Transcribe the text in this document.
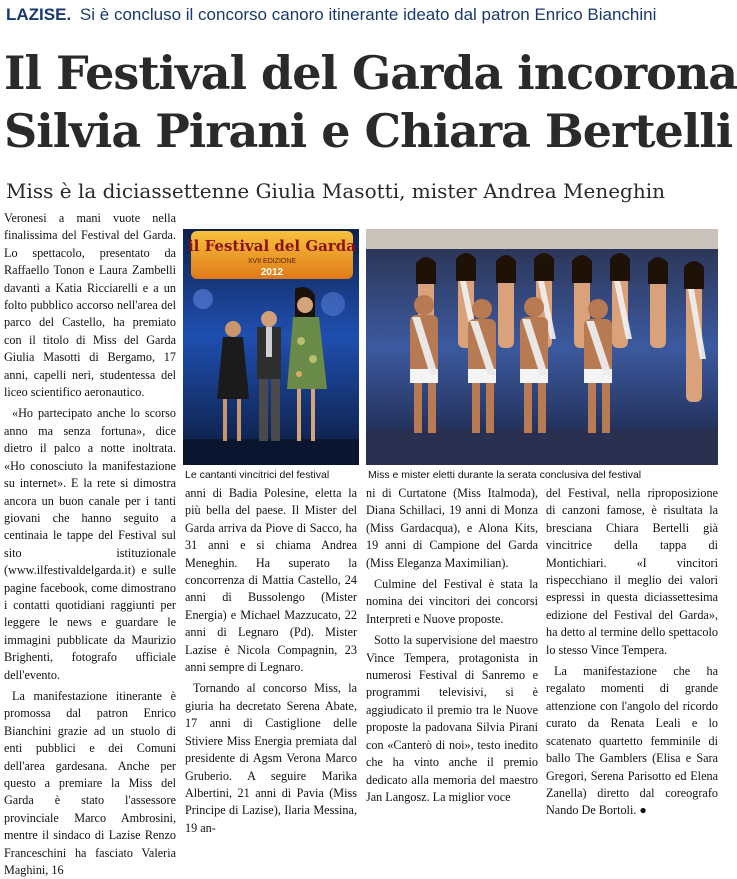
LAZISE. Si è concluso il concorso canoro itinerante ideato dal patron Enrico Bianchini
Il Festival del Garda incorona
Silvia Pirani e Chiara Bertelli
Miss è la diciassettenne Giulia Masotti, mister Andrea Meneghin
il Festival del Garda
XVII EDIZIONE
2012
Le cantanti vincitrici del festival	Miss e mister eletti durante la serata conclusiva del festival

Veronesi a mani vuote nella finalissima del Festival del Garda. Lo spettacolo, presentato da Raffaello Tonon e Laura Zambelli davanti a Katia Ricciarelli e a un folto pubblico accorso nell'area del parco del Castello, ha premiato con il titolo di Miss del Garda Giulia Masotti di Bergamo, 17 anni, capelli neri, studentessa del liceo scientifico aeronautico.

«Ho partecipato anche lo scorso anno ma senza fortuna», dice dietro il palco a notte inoltrata. «Ho conosciuto la manifestazione su internet». E la rete si dimostra ancora un buon canale per i tanti giovani che hanno seguito a centinaia le tappe del Festival sul sito istituzionale (www.ilfestivaldelgarda.it) e sulle pagine facebook, come dimostrano i contatti quotidiani raggiunti per leggere le news e guardare le immagini pubblicate da Maurizio Brighenti, fotografo ufficiale dell'evento.

La manifestazione itinerante è promossa dal patron Enrico Bianchini grazie ad un stuolo di enti pubblici e dei Comuni dell'area gardesana. Anche per questo a premiare la Miss del Garda è stato l'assessore provinciale Marco Ambrosini, mentre il sindaco di Lazise Renzo Franceschini ha fasciato Valeria Maghini, 16

anni di Badia Polesine, eletta la più bella del paese. Il Mister del Garda arriva da Piove di Sacco, ha 31 anni e si chiama Andrea Meneghin. Ha superato la concorrenza di Mattia Castello, 24 anni di Bussolengo (Mister Energia) e Michael Mazzucato, 22 anni di Legnaro (Pd). Mister Lazise è Nicola Compagnin, 23 anni sempre di Legnaro.

Tornando al concorso Miss, la giuria ha decretato Serena Abate, 17 anni di Castiglione delle Stiviere Miss Energia premiata dal presidente di Agsm Verona Marco Gruberio. A seguire Marika Albertini, 21 anni di Pavia (Miss Principe di Lazise), Ilaria Messina, 19 an-

ni di Curtatone (Miss Italmoda), Diana Schillaci, 19 anni di Monza (Miss Gardacqua), e Alona Kits, 19 anni di Campione del Garda (Miss Eleganza Maximilian).

Culmine del Festival è stata la nomina dei vincitori dei concorsi Interpreti e Nuove proposte.

Sotto la supervisione del maestro Vince Tempera, protagonista in numerosi Festival di Sanremo e programmi televisivi, si è aggiudicato il premio tra le Nuove proposte la padovana Silvia Pirani con «Canterò di noi», testo inedito che ha vinto anche il premio dedicato alla memoria del maestro Jan Langosz. La miglior voce

del Festival, nella riproposizione di canzoni famose, è risultata la bresciana Chiara Bertelli già vincitrice della tappa di Montichiari. «I vincitori rispecchiano il meglio dei valori espressi in questa diciassettesima edizione del Festival del Garda», ha detto al termine dello spettacolo lo stesso Vince Tempera.

La manifestazione che ha regalato momenti di grande attenzione con l'angolo del ricordo curato da Renata Leali e lo scatenato quartetto femminile di ballo The Gamblers (Elisa e Sara Gregori, Serena Parisotto ed Elena Zanella) diretto dal coreografo Nando De Bortoli. ●
